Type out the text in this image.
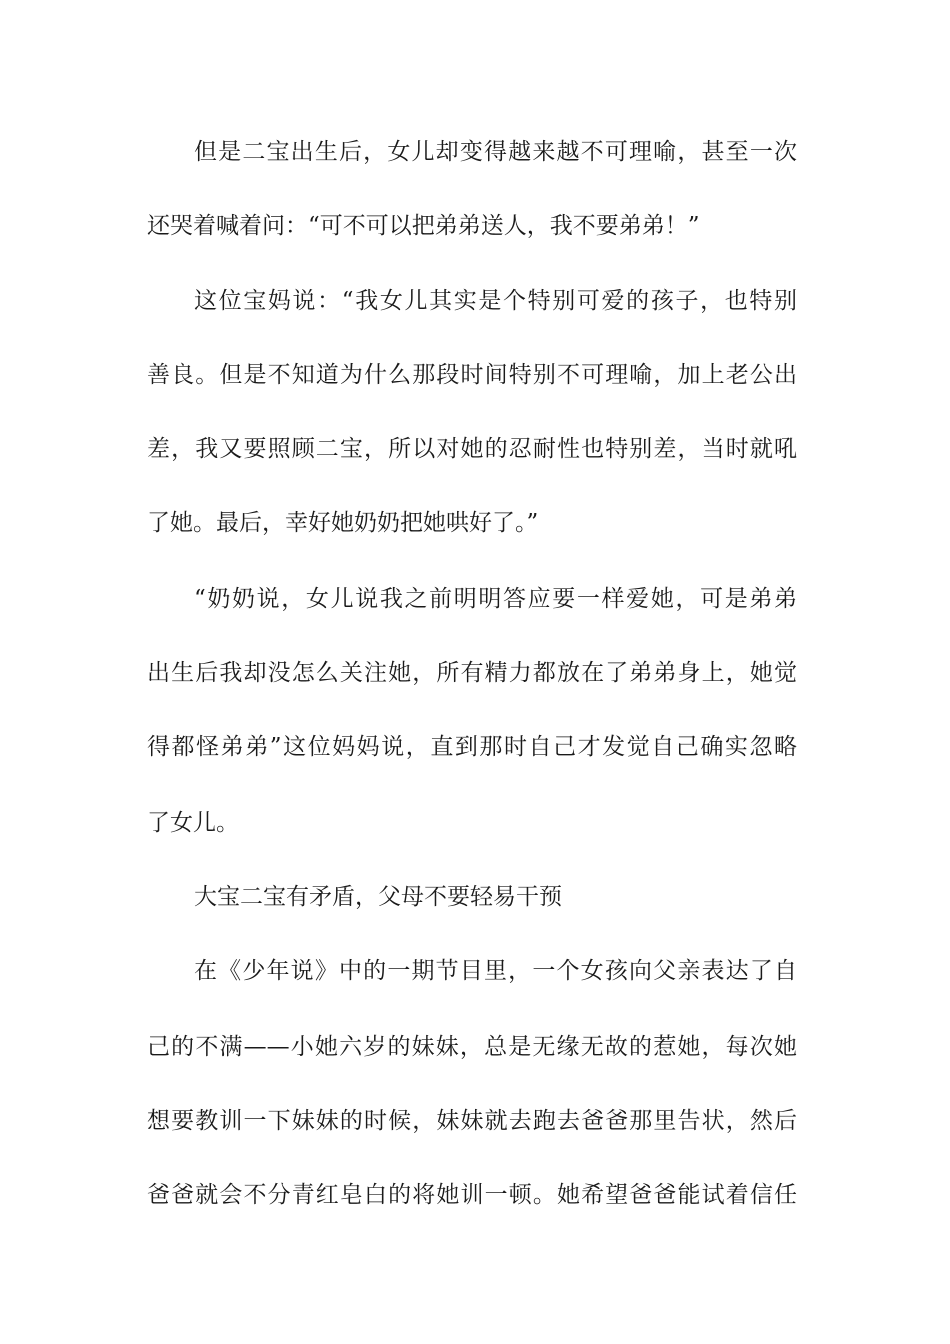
但是二宝出生后，女儿却变得越来越不可理喻，甚至一次
还哭着喊着问：“可不可以把弟弟送人，我不要弟弟！”
这位宝妈说：“我女儿其实是个特别可爱的孩子，也特别
善良。但是不知道为什么那段时间特别不可理喻，加上老公出
差，我又要照顾二宝，所以对她的忍耐性也特别差，当时就吼
了她。最后，幸好她奶奶把她哄好了。”
“奶奶说，女儿说我之前明明答应要一样爱她，可是弟弟
出生后我却没怎么关注她，所有精力都放在了弟弟身上，她觉
得都怪弟弟”这位妈妈说，直到那时自己才发觉自己确实忽略
了女儿。
大宝二宝有矛盾，父母不要轻易干预
在《少年说》中的一期节目里，一个女孩向父亲表达了自
己的不满——小她六岁的妹妹，总是无缘无故的惹她，每次她
想要教训一下妹妹的时候，妹妹就去跑去爸爸那里告状，然后
爸爸就会不分青红皂白的将她训一顿。她希望爸爸能试着信任
